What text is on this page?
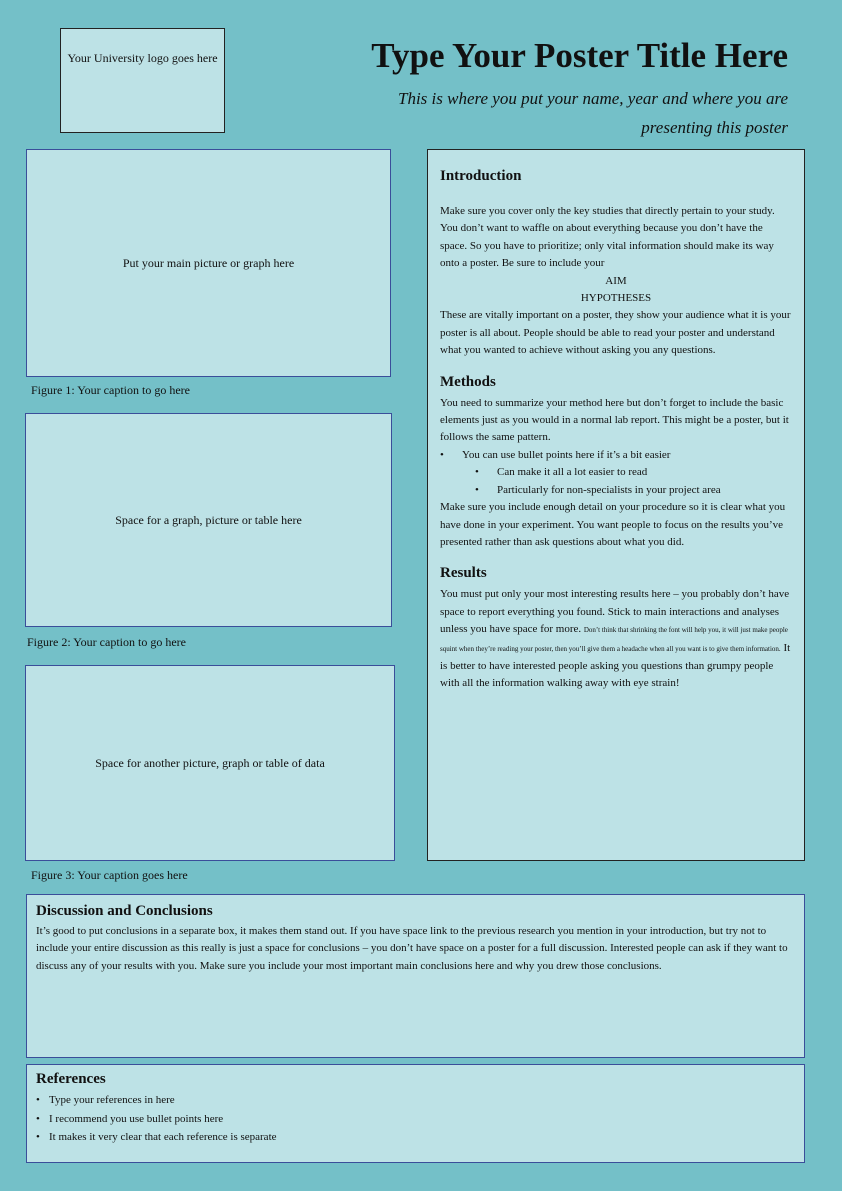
Your University logo goes here	Type Your Poster Title Here
This is where you put your name, year and where you are presenting this poster
Put your main picture or graph here
Figure 1: Your caption to go here
Space for a graph, picture or table here
Figure 2: Your caption to go here
Space for another picture, graph or table of data
Figure 3: Your caption goes here
Introduction

Make sure you cover only the key studies that directly pertain to your study. You don’t want to waffle on about everything because you don’t have the space. So you have to prioritize; only vital information should make its way onto a poster. Be sure to include your

AIM
HYPOTHESES

These are vitally important on a poster, they show your audience what it is your poster is all about. People should be able to read your poster and understand what you wanted to achieve without asking you any questions.

Methods

You need to summarize your method here but don’t forget to include the basic elements just as you would in a normal lab report. This might be a poster, but it follows the same pattern.

• You can use bullet points here if it’s a bit easier
• Can make it all a lot easier to read
• Particularly for non-specialists in your project area

Make sure you include enough detail on your procedure so it is clear what you have done in your experiment. You want people to focus on the results you’ve presented rather than ask questions about what you did.

Results

You must put only your most interesting results here – you probably don’t have space to report everything you found. Stick to main interactions and analyses unless you have space for more. Don’t think that shrinking the font will help you, it will just make people squint when they’re reading your poster, then you’ll give them a headache when all you want is to give them information. It is better to have interested people asking you questions than grumpy people with all the information walking away with eye strain!

Discussion and Conclusions

It’s good to put conclusions in a separate box, it makes them stand out. If you have space link to the previous research you mention in your introduction, but try not to include your entire discussion as this really is just a space for conclusions – you don’t have space on a poster for a full discussion. Interested people can ask if they want to discuss any of your results with you. Make sure you include your most important main conclusions here and why you drew those conclusions.

References
• Type your references in here
• I recommend you use bullet points here
• It makes it very clear that each reference is separate
